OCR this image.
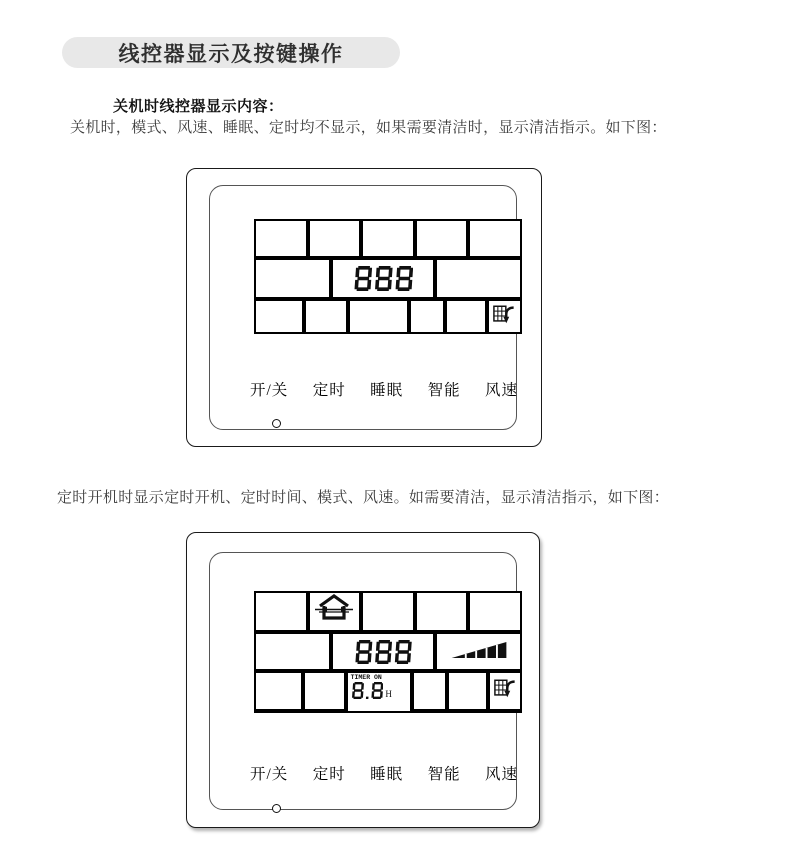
线控器显示及按键操作
关机时线控器显示内容：
关机时，模式、风速、睡眠、定时均不显示，如果需要清洁时，显示清洁指示。如下图：
开/关 定时 睡眠 智能 风速
定时开机时显示定时开机、定时时间、模式、风速。如需要清洁，显示清洁指示，如下图：
TIMER ON
H
开/关 定时 睡眠 智能 风速
